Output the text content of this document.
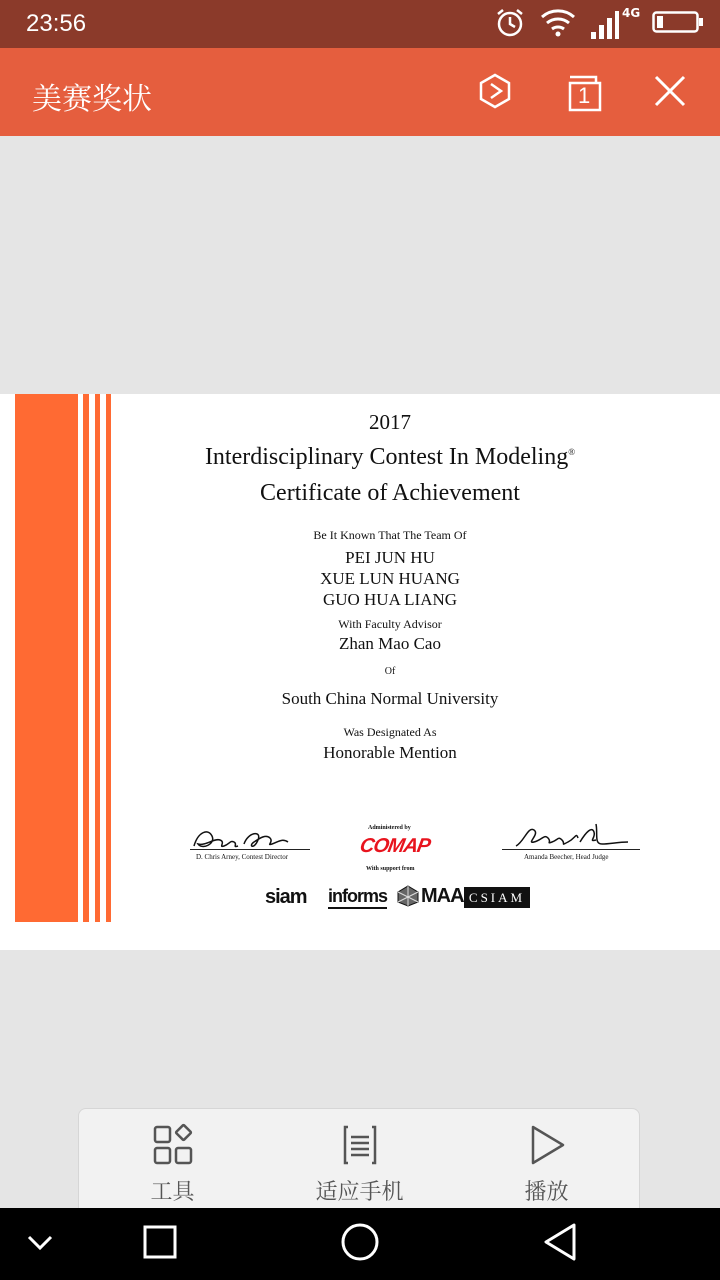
23:56	4G
美赛奖状	1
2017
Interdisciplinary Contest In Modeling®
Certificate of Achievement
Be It Known That The Team Of
PEI JUN HU
XUE LUN HUANG
GUO HUA LIANG
With Faculty Advisor
Zhan Mao Cao
Of
South China Normal University
Was Designated As
Honorable Mention
D. Chris Arney, Contest Director
Administered by
COMAP
With support from
Amanda Beecher, Head Judge
siam informs MAA CSIAM
工具	适应手机	播放
